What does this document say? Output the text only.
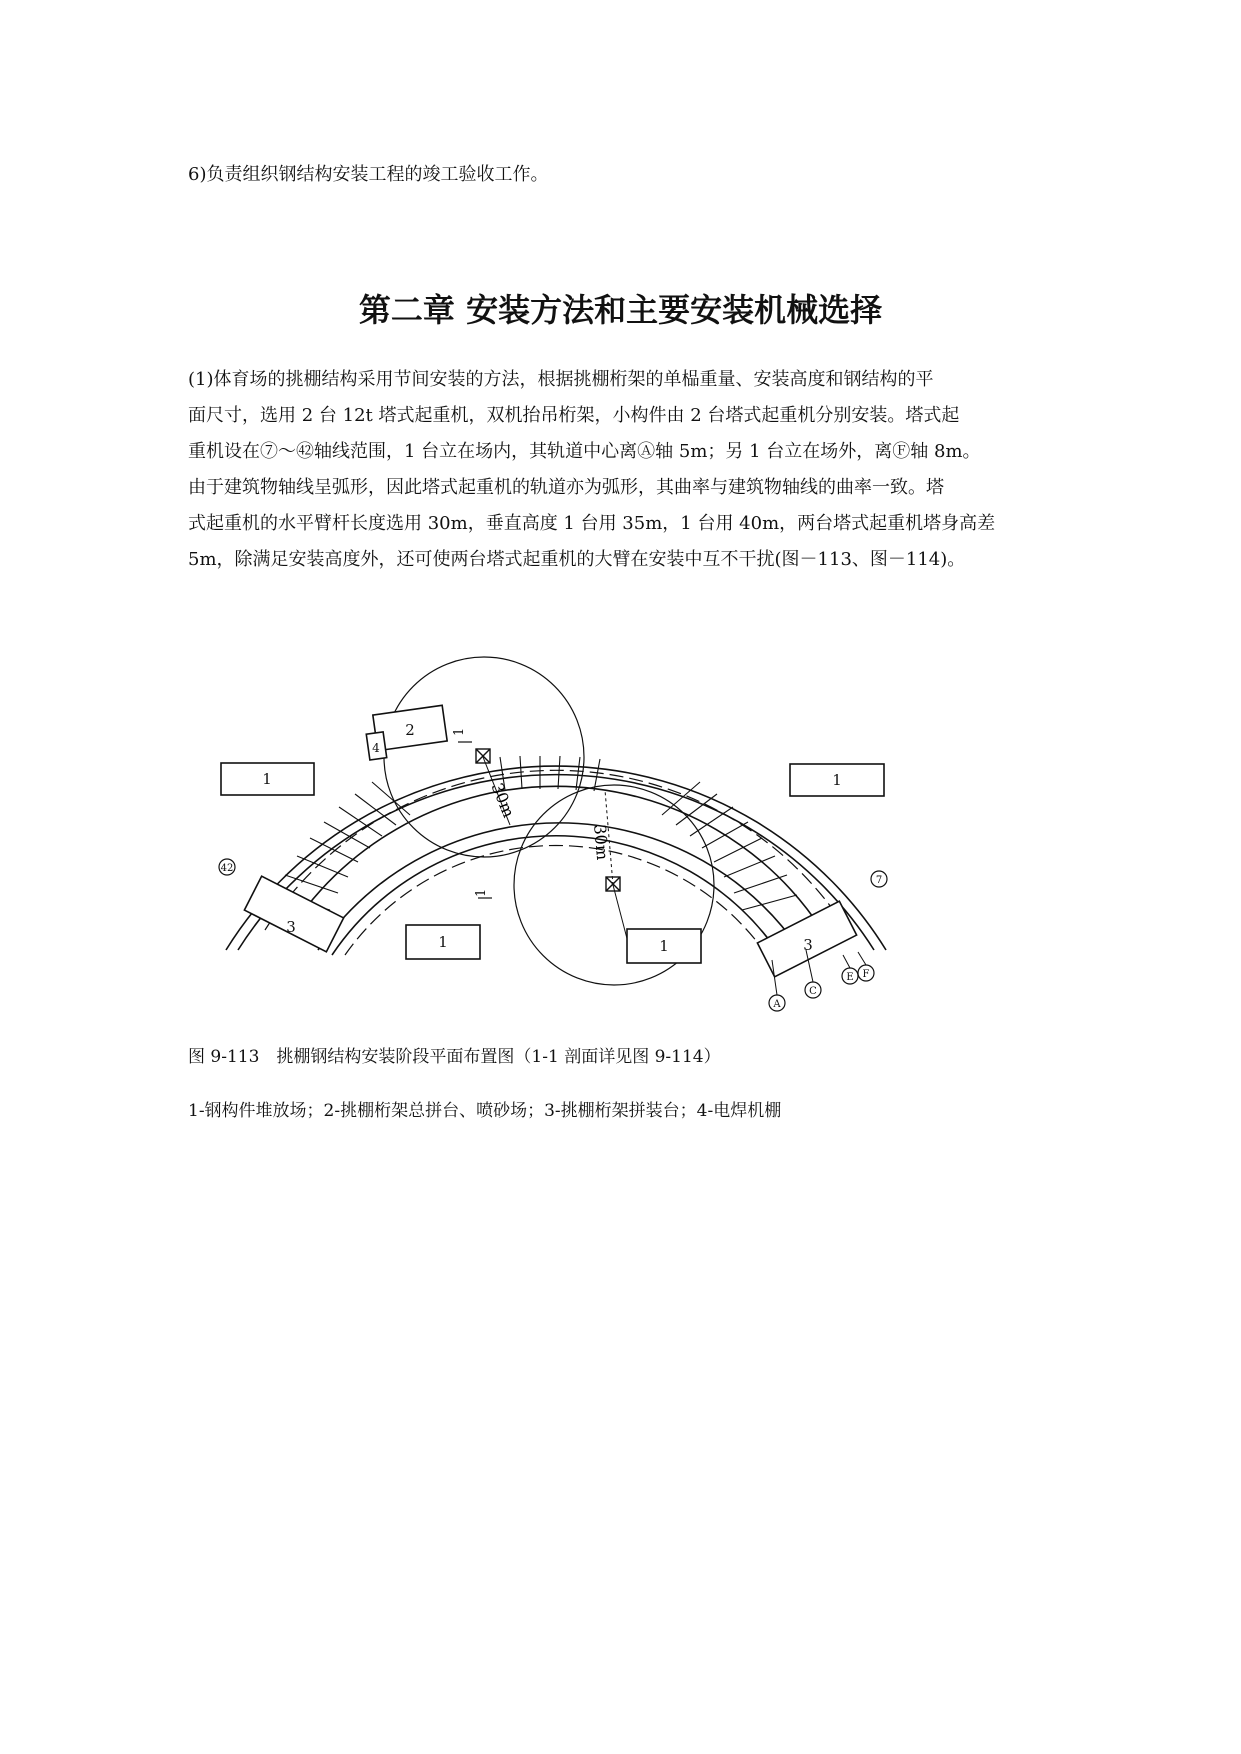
6)负责组织钢结构安装工程的竣工验收工作。

第二章 安装方法和主要安装机械选择

(1)体育场的挑棚结构采用节间安装的方法，根据挑棚桁架的单榀重量、安装高度和钢结构的平

面尺寸，选用 2 台 12t 塔式起重机，双机抬吊桁架，小构件由 2 台塔式起重机分别安装。塔式起

重机设在⑦～㊷轴线范围，1 台立在场内，其轨道中心离Ⓐ轴 5m；另 1 台立在场外，离Ⓕ轴 8m。

由于建筑物轴线呈弧形，因此塔式起重机的轨道亦为弧形，其曲率与建筑物轴线的曲率一致。塔

式起重机的水平臂杆长度选用 30m，垂直高度 1 台用 35m，1 台用 40m，两台塔式起重机塔身高差

5m，除满足安装高度外，还可使两台塔式起重机的大臂在安装中互不干扰(图－113、图－114)。

30m
30m
1
1
1	1
1	1
2
4
3
3
42
7
A
C
E F

图 9-113　挑棚钢结构安装阶段平面布置图（1-1 剖面详见图 9-114）

1-钢构件堆放场；2-挑棚桁架总拼台、喷砂场；3-挑棚桁架拼装台；4-电焊机棚
